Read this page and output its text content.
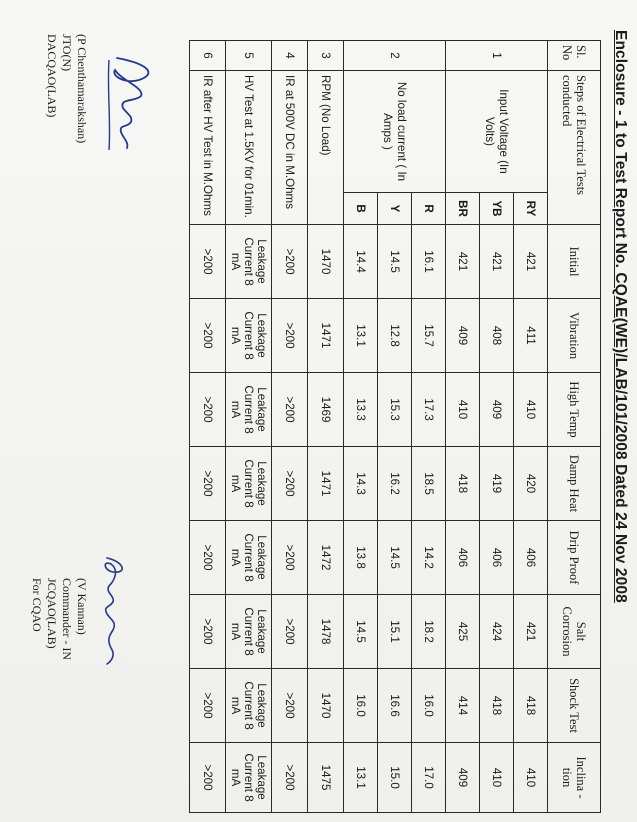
Enclosure - 1 to Test Report No. CQAE(WE)/LAB/101/2008 Dated 24 Nov 2008
Sl. No	Steps of Electrical Tests conducted		Initial	Vibration	High Temp	Damp Heat	Drip Proof	Salt Corrosion	Shock Test	Inclina -tion
1	Input Voltage (In Volts)	RY	421	411	410	420	406	421	418	410
		YB	421	408	409	419	406	424	418	410
		BR	421	409	410	418	406	425	414	409
2	No load current ( In Amps )	R	16.1	15.7	17.3	18.5	14.2	18.2	16.0	17.0
		Y	14.5	12.8	15.3	16.2	14.5	15.1	16.6	15.0
		B	14.4	13.1	13.3	14.3	13.8	14.5	16.0	13.1
3	RPM (No Load)		1470	1471	1469	1471	1472	1478	1470	1475
4	IR at 500V DC in M.Ohms		>200	>200	>200	>200	>200	>200	>200	>200
5	HV Test at 1.5KV for 01min.		Leakage Current 8 mA	Leakage Current 8 mA	Leakage Current 8 mA	Leakage Current 8 mA	Leakage Current 8 mA	Leakage Current 8 mA	Leakage Current 8 mA	Leakage Current 8 mA
6	IR after HV Test in M.Ohms		>200	>200	>200	>200	>200	>200	>200	>200
(P Chenthamarakshan)
JTO(N)
DACQAO(LAB)
(V Kannan)
Commander - IN
JCQAO(LAB)
For CQAO
